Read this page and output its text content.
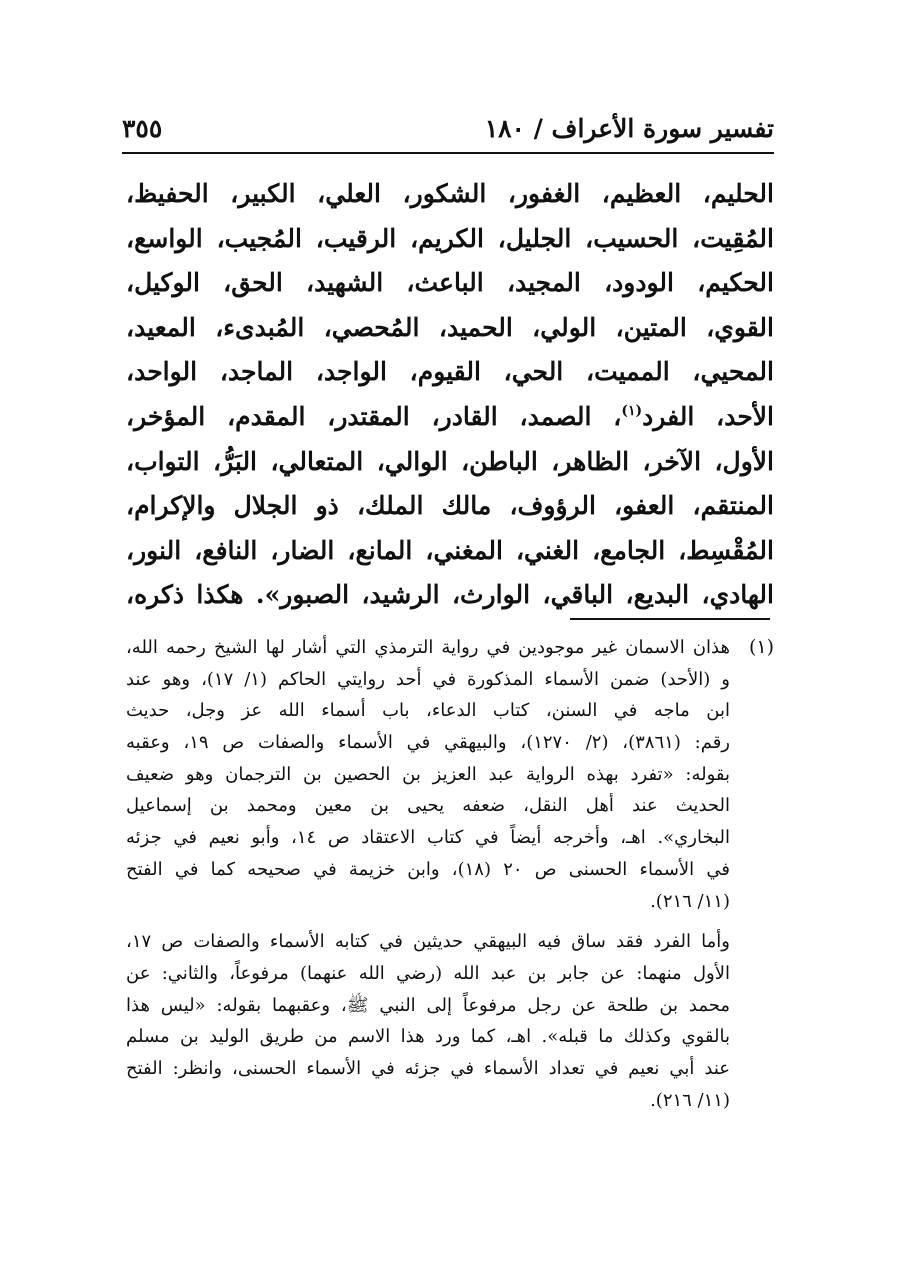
تفسير سورة الأعراف / ١٨٠
٣٥٥
الحليم، العظيم، الغفور، الشكور، العلي، الكبير، الحفيظ،
المُقِيت، الحسيب، الجليل، الكريم، الرقيب، المُجيب، الواسع،
الحكيم، الودود، المجيد، الباعث، الشهيد، الحق، الوكيل،
القوي، المتين، الولي، الحميد، المُحصي، المُبدىء، المعيد،
المحيي، المميت، الحي، القيوم، الواجد، الماجد، الواحد،
الأحد، الفرد$^{(١)}$، الصمد، القادر، المقتدر، المقدم، المؤخر،
الأول، الآخر، الظاهر، الباطن، الوالي، المتعالي، البَرُّ، التواب،
المنتقم، العفو، الرؤوف، مالك الملك، ذو الجلال والإكرام،
المُقْسِط، الجامع، الغني، المغني، المانع، الضار، النافع، النور،
الهادي، البديع، الباقي، الوارث، الرشيد، الصبور». هكذا ذكره،
(١)
هذان الاسمان غير موجودين في رواية الترمذي التي أشار لها الشيخ رحمه الله،
و (الأحد) ضمن الأسماء المذكورة في أحد روايتي الحاكم (١/ ١٧)، وهو عند
ابن ماجه في السنن، كتاب الدعاء، باب أسماء الله عز وجل، حديث
رقم: (٣٨٦١)، (٢/ ١٢٧٠)، والبيهقي في الأسماء والصفات ص ١٩، وعقبه
بقوله: «تفرد بهذه الرواية عبد العزيز بن الحصين بن الترجمان وهو ضعيف
الحديث عند أهل النقل، ضعفه يحيى بن معين ومحمد بن إسماعيل
البخاري». اهـ، وأخرجه أيضاً في كتاب الاعتقاد ص ١٤، وأبو نعيم في جزئه
في الأسماء الحسنى ص ٢٠ (١٨)، وابن خزيمة في صحيحه كما في الفتح
(١١/ ٢١٦).
وأما الفرد فقد ساق فيه البيهقي حديثين في كتابه الأسماء والصفات ص ١٧،
الأول منهما: عن جابر بن عبد الله (رضي الله عنهما) مرفوعاً، والثاني: عن
محمد بن طلحة عن رجل مرفوعاً إلى النبي ﷺ، وعقبهما بقوله: «ليس هذا
بالقوي وكذلك ما قبله». اهـ، كما ورد هذا الاسم من طريق الوليد بن مسلم
عند أبي نعيم في تعداد الأسماء في جزئه في الأسماء الحسنى، وانظر: الفتح
(١١/ ٢١٦).
